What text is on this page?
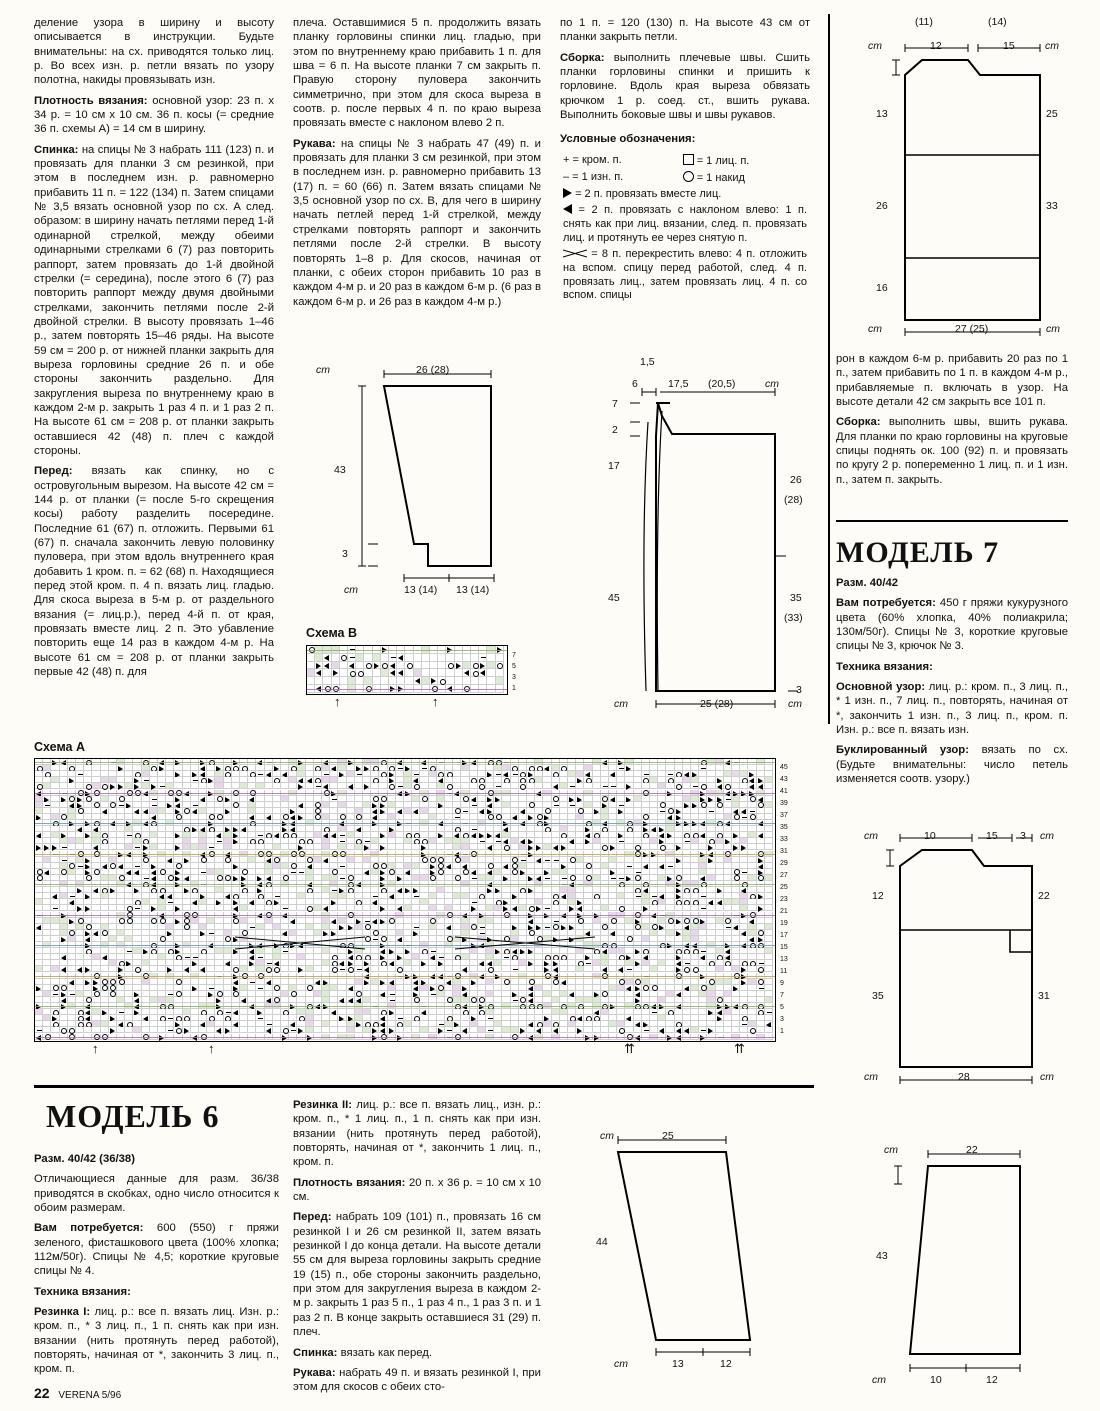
деление узора в ширину и высоту описывается в инструкции. Будьте внимательны: на сх. приводятся только лиц. р. Во всех изн. р. петли вязать по узору полотна, накиды провязывать изн.

Плотность вязания: основной узор: 23 п. х 34 р. = 10 см х 10 см. 36 п. косы (= средние 36 п. схемы А) = 14 см в ширину.

Спинка: на спицы № 3 набрать 111 (123) п. и провязать для планки 3 см резинкой, при этом в последнем изн. р. равномерно прибавить 11 п. = 122 (134) п. Затем спицами № 3,5 вязать основной узор по сх. А след. образом: в ширину начать петлями перед 1-й одинарной стрелкой, между обеими одинарными стрелками 6 (7) раз повторить раппорт, затем провязать до 1-й двойной стрелки (= середина), после этого 6 (7) раз повторить раппорт между двумя двойными стрелками, закончить петлями после 2-й двойной стрелки. В высоту провязать 1–46 р., затем повторять 15–46 ряды. На высоте 59 см = 200 р. от нижней планки закрыть для выреза горловины средние 26 п. и обе стороны закончить раздельно. Для закругления выреза по внутреннему краю в каждом 2-м р. закрыть 1 раз 4 п. и 1 раз 2 п. На высоте 61 см = 208 р. от планки закрыть оставшиеся 42 (48) п. плеч с каждой стороны.

Перед: вязать как спинку, но с островугольным вырезом. На высоте 42 см = 144 р. от планки (= после 5-го скрещения косы) работу разделить посередине. Последние 61 (67) п. отложить. Первыми 61 (67) п. сначала закончить левую половинку пуловера, при этом вдоль внутреннего края добавить 1 кром. п. = 62 (68) п. Находящиеся перед этой кром. п. 4 п. вязать лиц. гладью. Для скоса выреза в 5-м р. от раздельного вязания (= лиц.р.), перед 4-й п. от края, провязать вместе лиц. 2 п. Это убавление повторить еще 14 раз в каждом 4-м р. На высоте 61 см = 208 р. от планки закрыть первые 42 (48) п. для

плеча. Оставшимися 5 п. продолжить вязать планку горловины спинки лиц. гладью, при этом по внутреннему краю прибавить 1 п. для шва = 6 п. На высоте планки 7 см закрыть п. Правую сторону пуловера закончить симметрично, при этом для скоса выреза в соотв. р. после первых 4 п. по краю выреза провязать вместе с наклоном влево 2 п.

Рукава: на спицы № 3 набрать 47 (49) п. и провязать для планки 3 см резинкой, при этом в последнем изн. р. равномерно прибавить 13 (17) п. = 60 (66) п. Затем вязать спицами № 3,5 основной узор по сх. В, для чего в ширину начать петлей перед 1-й стрелкой, между стрелками повторять раппорт и закончить петлями после 2-й стрелки. В высоту повторять 1–8 р. Для скосов, начиная от планки, с обеих сторон прибавить 10 раз в каждом 4-м р. и 20 раз в каждом 6-м р. (6 раз в каждом 6-м р. и 26 раз в каждом 4-м р.)

по 1 п. = 120 (130) п. На высоте 43 см от планки закрыть петли.

Сборка: выполнить плечевые швы. Сшить планки горловины спинки и пришить к горловине. Вдоль края выреза обвязать крючком 1 р. соед. ст., вшить рукава. Выполнить боковые швы и швы рукавов.

Условные обозначения:

+ = кром. п.	= 1 лиц. п.
– = 1 изн. п.	= 1 накид
= 2 п. провязать вместе лиц.	
= 2 п. провязать с наклоном влево: 1 п. снять как при лиц. вязании, след. п. провязать лиц. и протянуть ее через снятую п.	
= 8 п. перекрестить влево: 4 п. отложить на вспом. спицу перед работой, след. 4 п. провязать лиц., затем провязать лиц. 4 п. со вспом. спицы	

рон в каждом 6-м р. прибавить 20 раз по 1 п., затем прибавить по 1 п. в каждом 4-м р., прибавляемые п. включать в узор. На высоте детали 42 см закрыть все 101 п.

Сборка: выполнить швы, вшить рукава. Для планки по краю горловины на круговые спицы поднять ок. 100 (92) п. и провязать по кругу 2 р. попеременно 1 лиц. п. и 1 изн. п., затем п. закрыть.

МОДЕЛЬ 7

Разм. 40/42

Вам потребуется: 450 г пряжи кукурузного цвета (60% хлопка, 40% полиакрила; 130м/50г). Спицы № 3, короткие круговые спицы № 3, крючок № 3.

Техника вязания:

Основной узор: лиц. р.: кром. п., 3 лиц. п., * 1 изн. п., 7 лиц. п., повторять, начиная от *, закончить 1 изн. п., 3 лиц. п., кром. п. Изн. р.: все п. вязать изн.

Буклированный узор: вязать по сх. (Будьте внимательны: число петель изменяется соотв. узору.)

(11)	(14)
cm	12	15	cm
13
26
16
25
33
cm	27 (25)	cm
cm	26 (28)
43
3
cm	13 (14) 13 (14)
1,5
6	17,5 (20,5)	cm
7
2
17
45
26
(28)
35
(33)
3
cm	25 (28)	cm
Схема В
1
3
5
7
↑	↑
Схема А
1
3
5
7
9
11
13
15
17
19
21
23
25
27
29
31
33
35
37
39
41
43
45
↑	↑	⇈	⇈
МОДЕЛЬ 6

Разм. 40/42 (36/38)

Отличающиеся данные для разм. 36/38 приводятся в скобках, одно число относится к обоим размерам.

Вам потребуется: 600 (550) г пряжи зеленого, фисташкового цвета (100% хлопка; 112м/50г). Спицы № 4,5; короткие круговые спицы № 4.

Техника вязания:

Резинка I: лиц. р.: все п. вязать лиц. Изн. р.: кром. п., * 3 лиц. п., 1 п. снять как при изн. вязании (нить протянуть перед работой), повторять, начиная от *, закончить 3 лиц. п., кром. п.

Резинка II: лиц. р.: все п. вязать лиц., изн. р.: кром. п., * 1 лиц. п., 1 п. снять как при изн. вязании (нить протянуть перед работой), повторять, начиная от *, закончить 1 лиц. п., кром. п.

Плотность вязания: 20 п. х 36 р. = 10 см х 10 см.

Перед: набрать 109 (101) п., провязать 16 см резинкой I и 26 см резинкой II, затем вязать резинкой I до конца детали. На высоте детали 55 см для выреза горловины закрыть средние 19 (15) п., обе стороны закончить раздельно, при этом для закругления выреза в каждом 2-м р. закрыть 1 раз 5 п., 1 раз 4 п., 1 раз 3 п. и 1 раз 2 п. В конце закрыть оставшиеся 31 (29) п. плеч.

Спинка: вязать как перед.

Рукава: набрать 49 п. и вязать резинкой I, при этом для скосов с обеих сто-

cm	10	15 3 cm
12
35
22
31
cm	28	cm
cm	25
44
cm	13	12
cm	22
43
cm	10	12
22 VERENA 5/96
